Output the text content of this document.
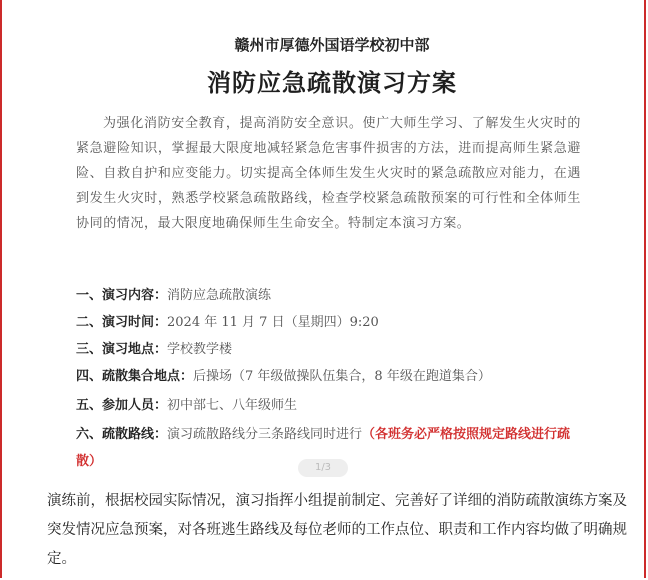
赣州市厚德外国语学校初中部
消防应急疏散演习方案

为强化消防安全教育，提高消防安全意识。使广大师生学习、了解发生火灾时的紧急避险知识，掌握最大限度地减轻紧急危害事件损害的方法，进而提高师生紧急避险、自救自护和应变能力。切实提高全体师生发生火灾时的紧急疏散应对能力，在遇到发生火灾时，熟悉学校紧急疏散路线，检查学校紧急疏散预案的可行性和全体师生协同的情况，最大限度地确保师生生命安全。特制定本演习方案。

一、演习内容：消防应急疏散演练

二、演习时间：2024 年 11 月 7 日（星期四）9:20

三、演习地点：学校教学楼

四、疏散集合地点：后操场（7 年级做操队伍集合，8 年级在跑道集合）

五、参加人员：初中部七、八年级师生

六、疏散路线：演习疏散路线分三条路线同时进行（各班务必严格按照规定路线进行疏散）	1/3

演练前，根据校园实际情况，演习指挥小组提前制定、完善好了详细的消防疏散演练方案及突发情况应急预案，对各班逃生路线及每位老师的工作点位、职责和工作内容均做了明确规定。
